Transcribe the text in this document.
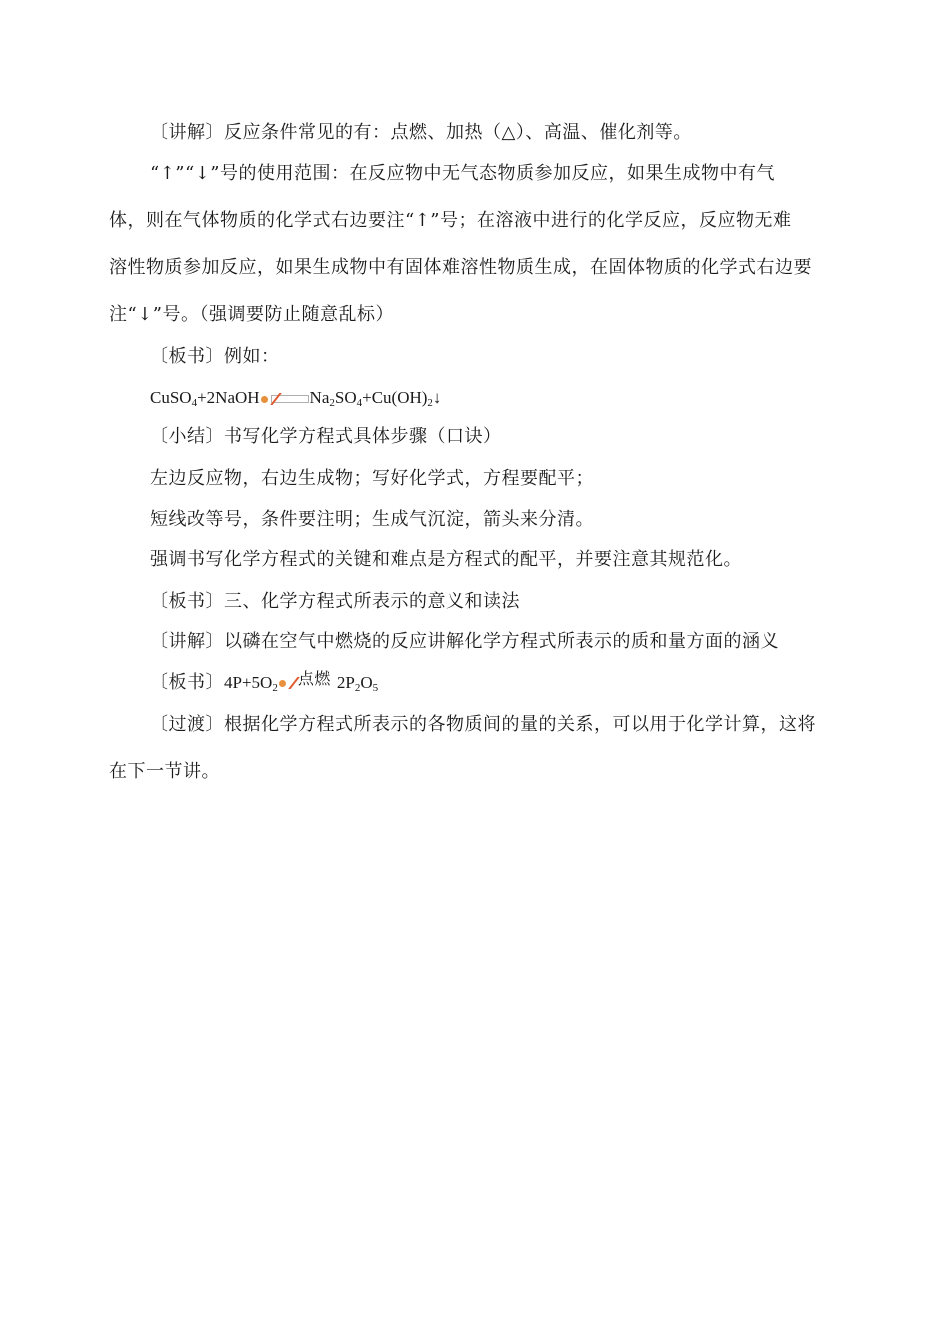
〔讲解〕反应条件常见的有：点燃、加热（△）、高温、催化剂等。
“↑”“↓”号的使用范围：在反应物中无气态物质参加反应，如果生成物中有气
体，则在气体物质的化学式右边要注“↑”号；在溶液中进行的化学反应，反应物无难
溶性物质参加反应，如果生成物中有固体难溶性物质生成，在固体物质的化学式右边要
注“↓”号。（强调要防止随意乱标）
〔板书〕例如：
CuSO$_4$+2NaOH	$Na_2SO_4+Cu(OH)_2↓$
〔小结〕书写化学方程式具体步骤（口诀）
左边反应物，右边生成物；写好化学式，方程要配平；
短线改等号，条件要注明；生成气沉淀，箭头来分清。
强调书写化学方程式的关键和难点是方程式的配平，并要注意其规范化。
〔板书〕三、化学方程式所表示的意义和读法
〔讲解〕以磷在空气中燃烧的反应讲解化学方程式所表示的质和量方面的涵义
〔板书〕$4P+5O_2$ 点燃 $2P_2O_5$
〔过渡〕根据化学方程式所表示的各物质间的量的关系，可以用于化学计算，这将
在下一节讲。
